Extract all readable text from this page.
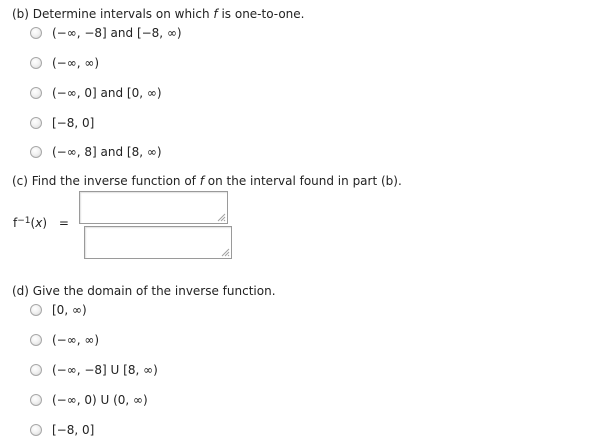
(b) Determine intervals on which f is one-to-one.
(−∞, −8] and [−8, ∞)
(−∞, ∞)
(−∞, 0] and [0, ∞)
[−8, 0]
(−∞, 8] and [8, ∞)
(c) Find the inverse function of f on the interval found in part (b).
$f^{-1}(x)$ =
(d) Give the domain of the inverse function.
[0, ∞)
(−∞, ∞)
(−∞, −8] U [8, ∞)
(−∞, 0) U (0, ∞)
[−8, 0]
